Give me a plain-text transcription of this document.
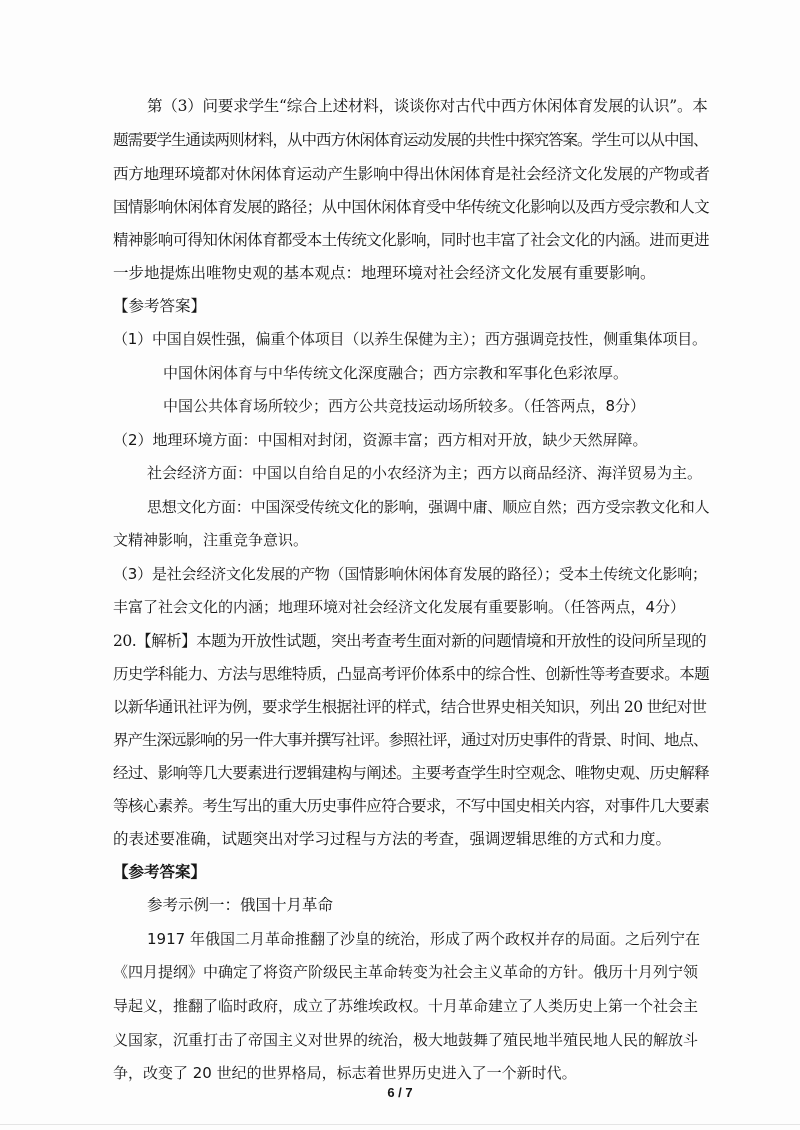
第（3）问要求学生“综合上述材料，谈谈你对古代中西方休闲体育发展的认识”。本
题需要学生通读两则材料，从中西方休闲体育运动发展的共性中探究答案。学生可以从中国、
西方地理环境都对休闲体育运动产生影响中得出休闲体育是社会经济文化发展的产物或者
国情影响休闲体育发展的路径；从中国休闲体育受中华传统文化影响以及西方受宗教和人文
精神影响可得知休闲体育都受本土传统文化影响，同时也丰富了社会文化的内涵。进而更进
一步地提炼出唯物史观的基本观点：地理环境对社会经济文化发展有重要影响。
【参考答案】
（1）中国自娱性强，偏重个体项目（以养生保健为主）；西方强调竞技性，侧重集体项目。
中国休闲体育与中华传统文化深度融合；西方宗教和军事化色彩浓厚。
中国公共体育场所较少；西方公共竞技运动场所较多。（任答两点，8分）
（2）地理环境方面：中国相对封闭，资源丰富；西方相对开放，缺少天然屏障。
社会经济方面：中国以自给自足的小农经济为主；西方以商品经济、海洋贸易为主。
思想文化方面：中国深受传统文化的影响，强调中庸、顺应自然；西方受宗教文化和人
文精神影响，注重竞争意识。
（3）是社会经济文化发展的产物（国情影响休闲体育发展的路径）；受本土传统文化影响；
丰富了社会文化的内涵；地理环境对社会经济文化发展有重要影响。（任答两点，4分）
20.【解析】本题为开放性试题，突出考查考生面对新的问题情境和开放性的设问所呈现的
历史学科能力、方法与思维特质，凸显高考评价体系中的综合性、创新性等考查要求。本题
以新华通讯社评为例，要求学生根据社评的样式，结合世界史相关知识，列出 20 世纪对世
界产生深远影响的另一件大事并撰写社评。参照社评，通过对历史事件的背景、时间、地点、
经过、影响等几大要素进行逻辑建构与阐述。主要考查学生时空观念、唯物史观、历史解释
等核心素养。考生写出的重大历史事件应符合要求，不写中国史相关内容，对事件几大要素
的表述要准确，试题突出对学习过程与方法的考查，强调逻辑思维的方式和力度。
【参考答案】
参考示例一：俄国十月革命
1917 年俄国二月革命推翻了沙皇的统治，形成了两个政权并存的局面。之后列宁在
《四月提纲》中确定了将资产阶级民主革命转变为社会主义革命的方针。俄历十月列宁领
导起义，推翻了临时政府，成立了苏维埃政权。十月革命建立了人类历史上第一个社会主
义国家，沉重打击了帝国主义对世界的统治，极大地鼓舞了殖民地半殖民地人民的解放斗
争，改变了 20 世纪的世界格局，标志着世界历史进入了一个新时代。
6 / 7
